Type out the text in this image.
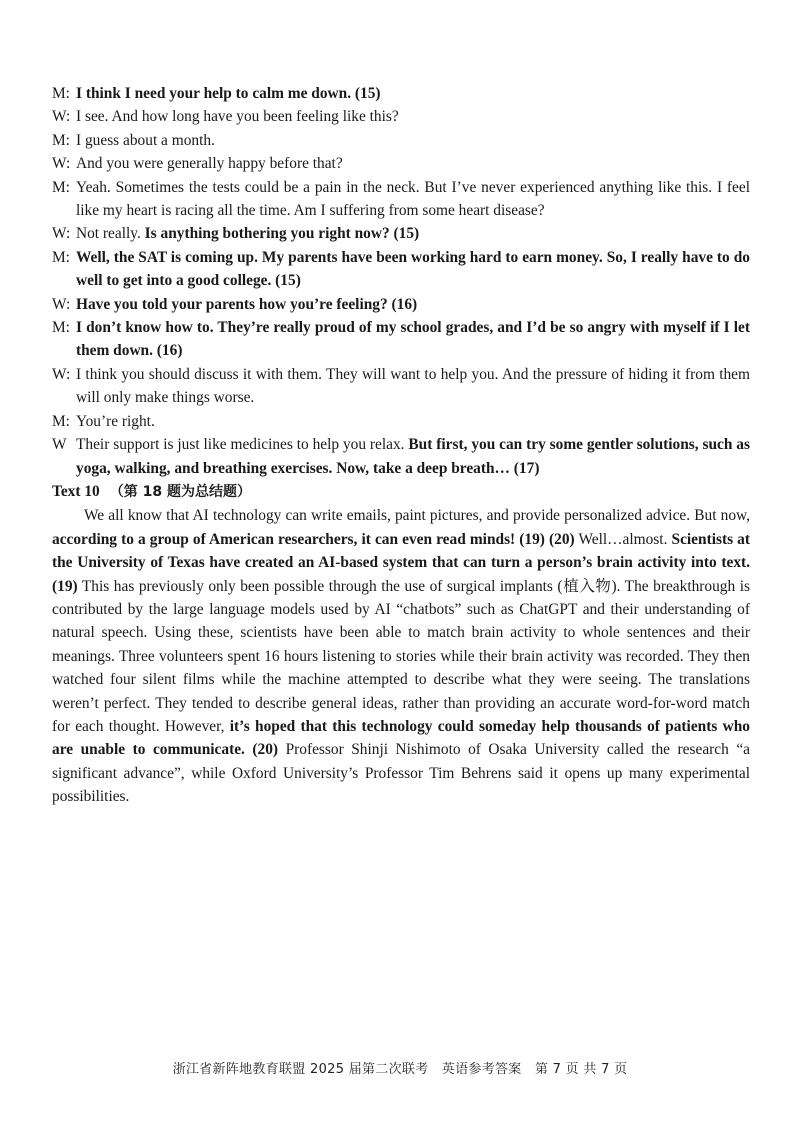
M: I think I need your help to calm me down. (15)
W: I see. And how long have you been feeling like this?
M: I guess about a month.
W: And you were generally happy before that?
M: Yeah. Sometimes the tests could be a pain in the neck. But I’ve never experienced anything like this. I feel like my heart is racing all the time. Am I suffering from some heart disease?
W: Not really. Is anything bothering you right now? (15)
M: Well, the SAT is coming up. My parents have been working hard to earn money. So, I really have to do well to get into a good college. (15)
W: Have you told your parents how you’re feeling? (16)
M: I don’t know how to. They’re really proud of my school grades, and I’d be so angry with myself if I let them down. (16)
W: I think you should discuss it with them. They will want to help you. And the pressure of hiding it from them will only make things worse.
M: You’re right.
W Their support is just like medicines to help you relax. But first, you can try some gentler solutions, such as yoga, walking, and breathing exercises. Now, take a deep breath… (17)
Text 10 （第 18 题为总结题）
We all know that AI technology can write emails, paint pictures, and provide personalized advice. But now, according to a group of American researchers, it can even read minds! (19) (20) Well…almost. Scientists at the University of Texas have created an AI-based system that can turn a person’s brain activity into text. (19) This has previously only been possible through the use of surgical implants (植入物). The breakthrough is contributed by the large language models used by AI “chatbots” such as ChatGPT and their understanding of natural speech. Using these, scientists have been able to match brain activity to whole sentences and their meanings. Three volunteers spent 16 hours listening to stories while their brain activity was recorded. They then watched four silent films while the machine attempted to describe what they were seeing. The translations weren’t perfect. They tended to describe general ideas, rather than providing an accurate word-for-word match for each thought. However, it’s hoped that this technology could someday help thousands of patients who are unable to communicate. (20) Professor Shinji Nishimoto of Osaka University called the research “a significant advance”, while Oxford University’s Professor Tim Behrens said it opens up many experimental possibilities.
浙江省新阵地教育联盟 2025 届第二次联考　英语参考答案　第 7 页 共 7 页
